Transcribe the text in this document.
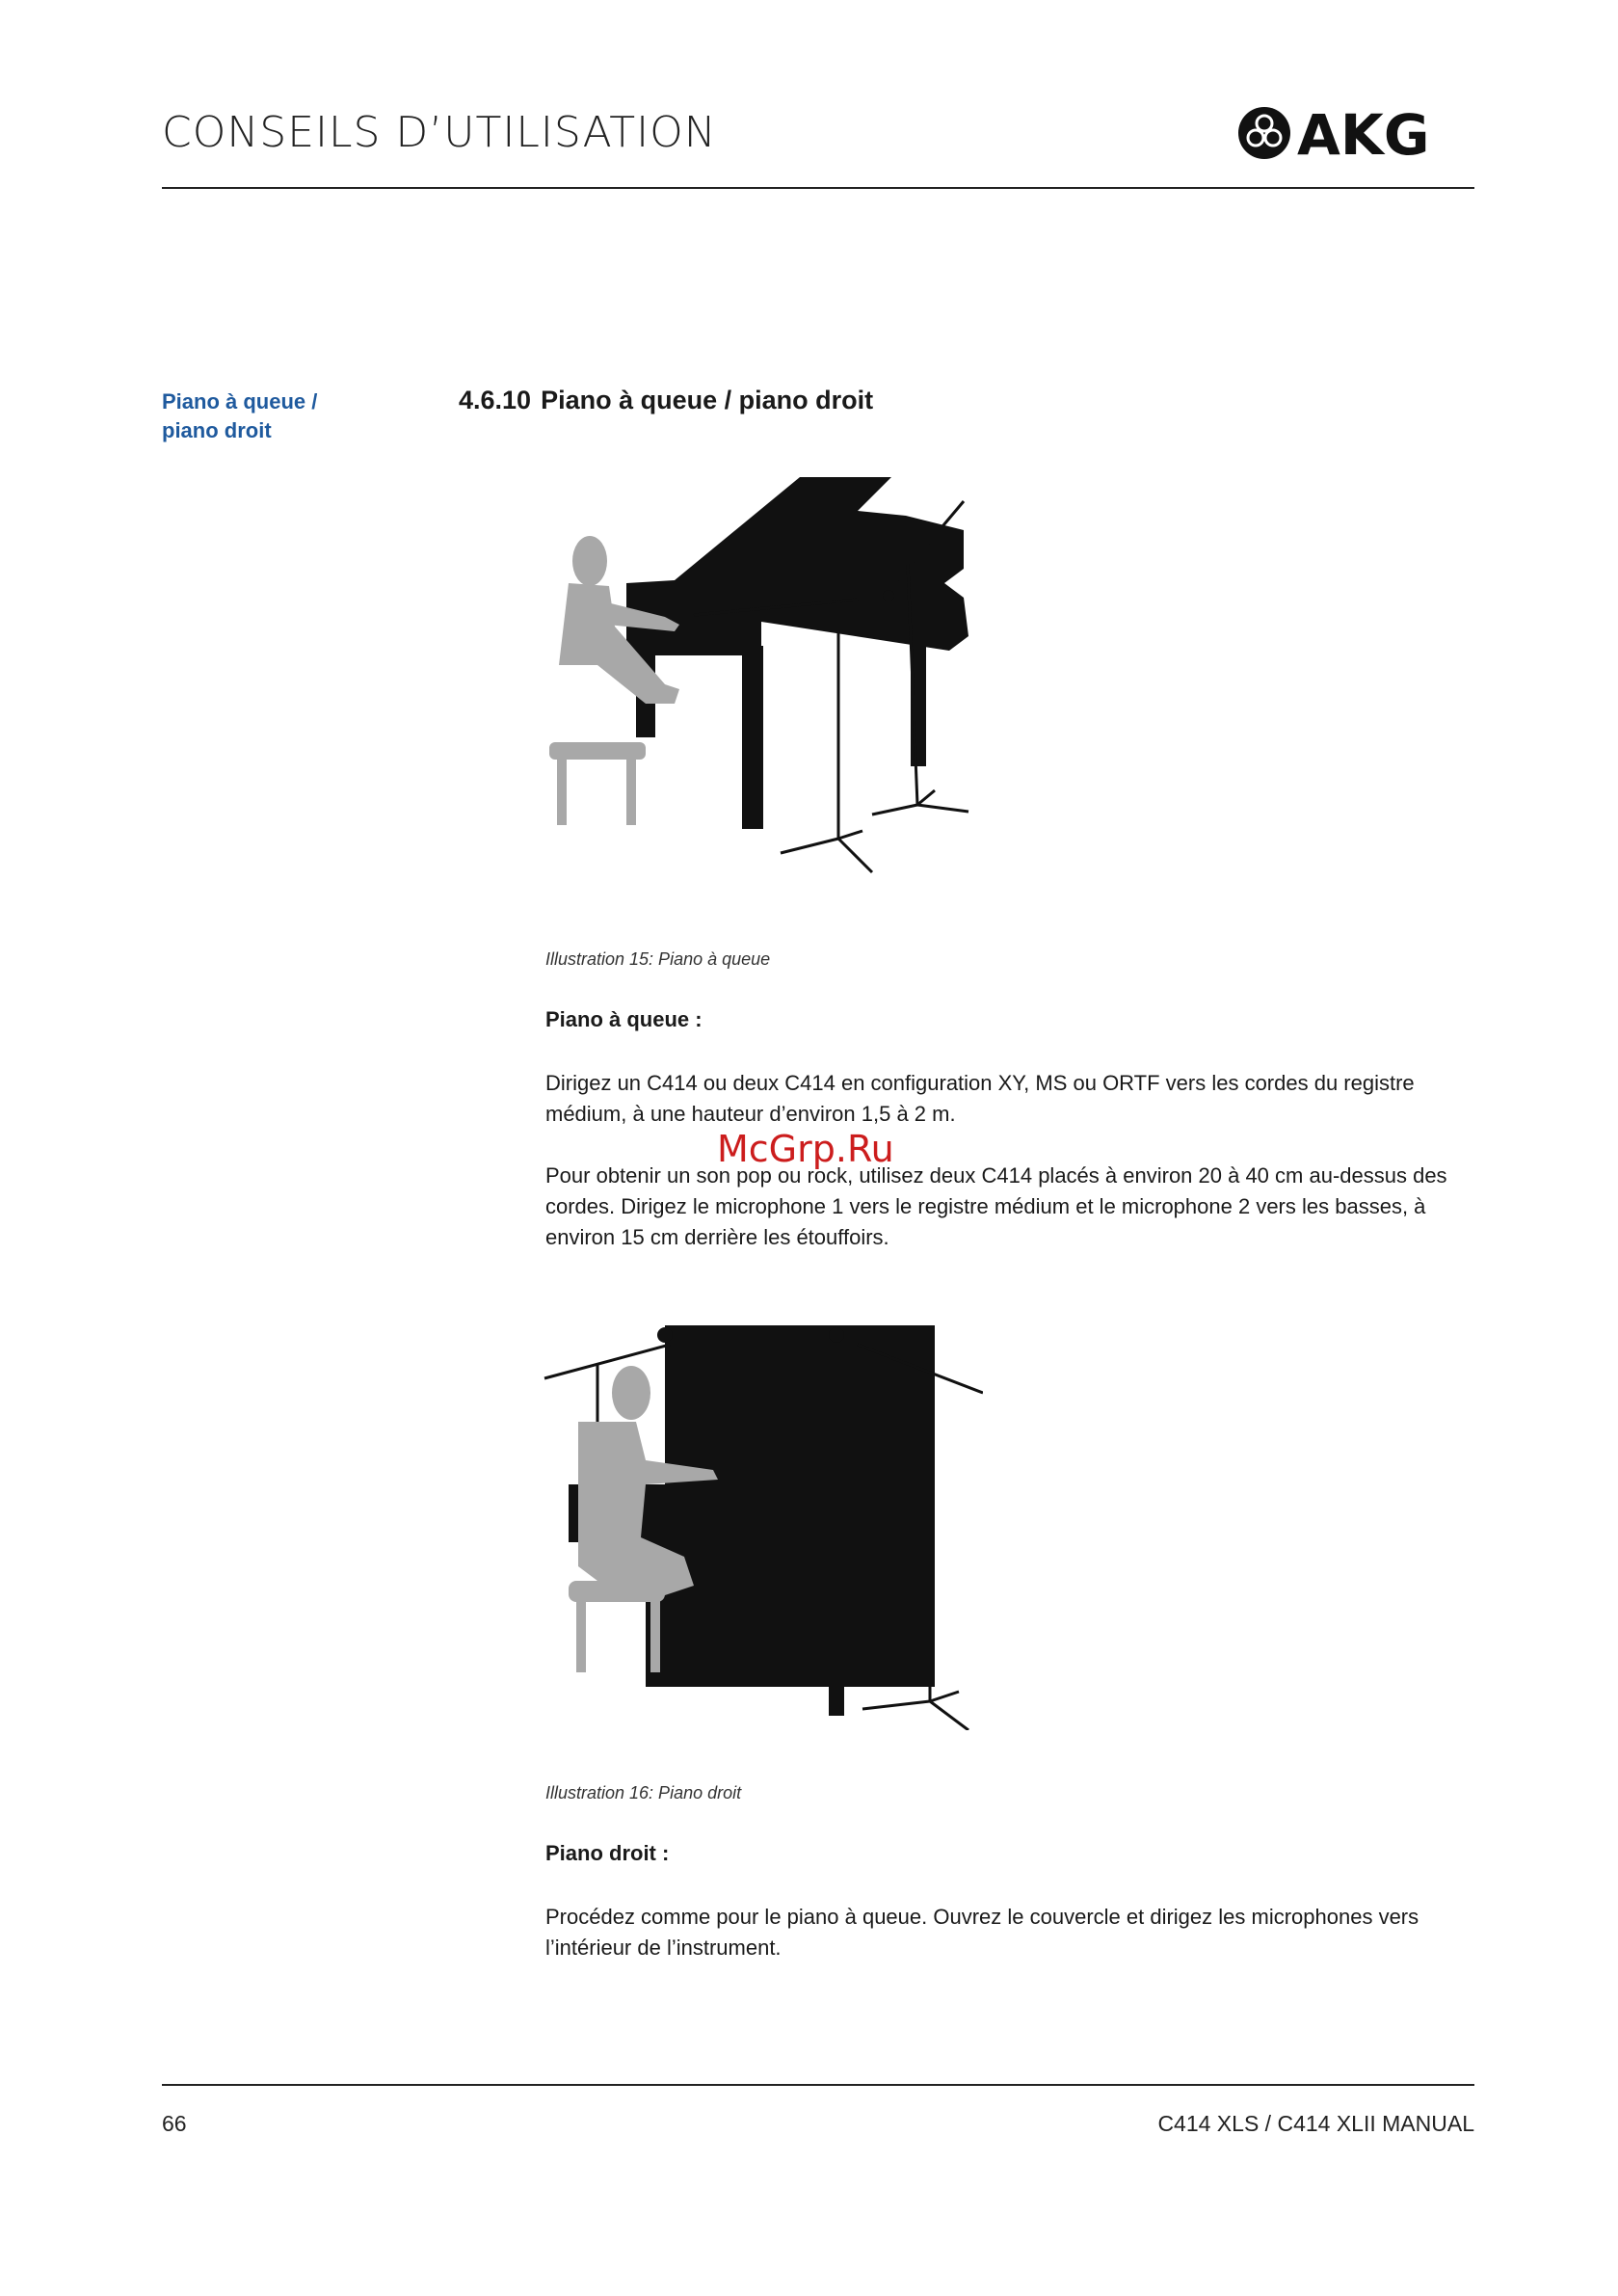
CONSEILS D’UTILISATION	AKG
Piano à queue /
piano droit
4.6.10 Piano à queue / piano droit
Illustration 15: Piano à queue
Piano à queue :

Dirigez un C414 ou deux C414 en configuration XY, MS ou ORTF vers les cordes du registre médium, à une hauteur d’environ 1,5 à 2 m.

Pour obtenir un son pop ou rock, utilisez deux C414 placés à environ 20 à 40 cm au-dessus des cordes. Dirigez le microphone 1 vers le registre médium et le microphone 2 vers les basses, à environ 15 cm derrière les étouffoirs.

McGrp.Ru
Illustration 16: Piano droit
Piano droit :

Procédez comme pour le piano à queue. Ouvrez le couvercle et dirigez les microphones vers l’intérieur de l’instrument.

66	C414 XLS / C414 XLII MANUAL
